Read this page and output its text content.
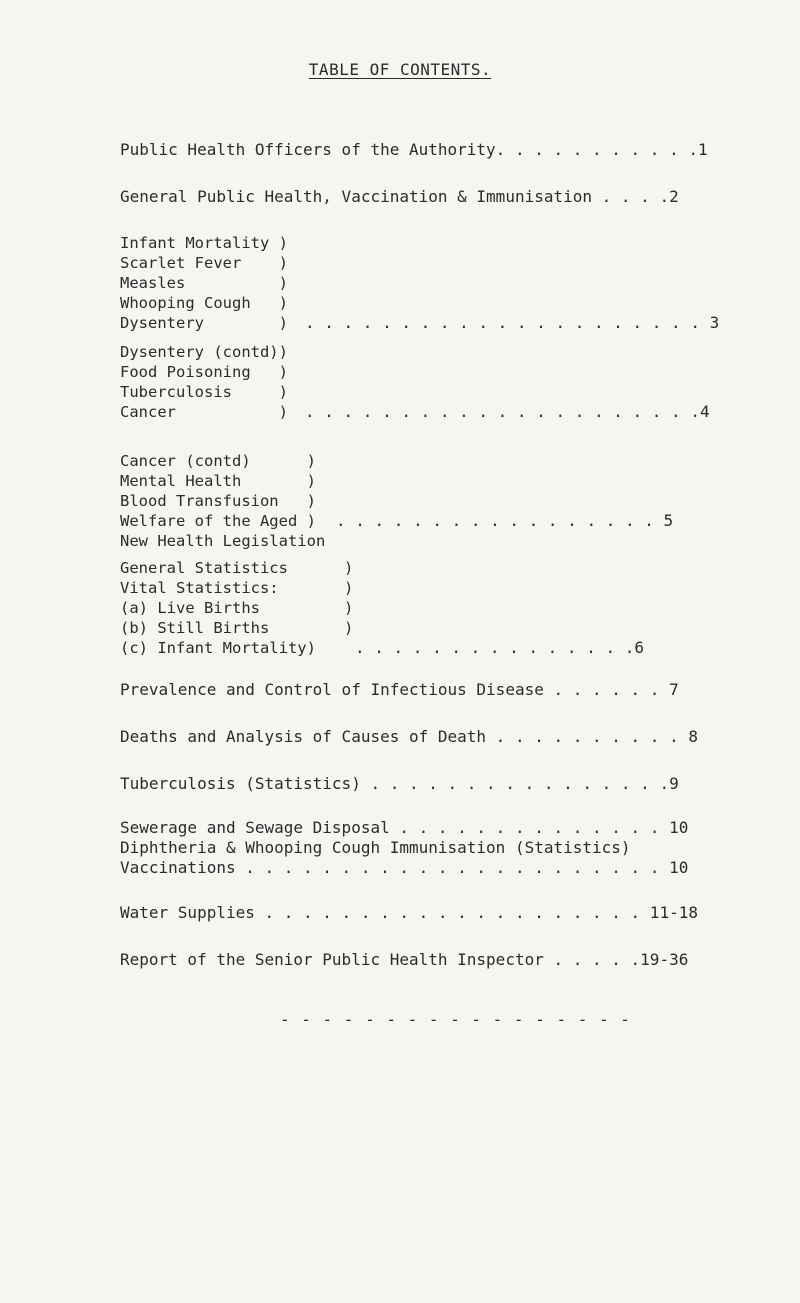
TABLE OF CONTENTS.
Public Health Officers of the Authority. . . . . . . . . . .1
General Public Health, Vaccination & Immunisation . . . .2
Infant Mortality )
Scarlet Fever    )
Measles          )
Whooping Cough   )
Dysentery        ) . . . . . . . . . . . . . . . . . . . . . 3
Dysentery (contd))
Food Poisoning   )
Tuberculosis     )
Cancer           ) . . . . . . . . . . . . . . . . . . . . .4
Cancer (contd)      )
Mental Health       )
Blood Transfusion   )
Welfare of the Aged )
New Health Legislation
. . . . . . . . . . . . . . . . . 5
General Statistics      )
Vital Statistics:       )
(a) Live Births         )
(b) Still Births        )
(c) Infant Mortality)	. . . . . . . . . . . . . . .6
Prevalence and Control of Infectious Disease . . . . . . 7
Deaths and Analysis of Causes of Death . . . . . . . . . . 8
Tuberculosis (Statistics) . . . . . . . . . . . . . . . .9
Sewerage and Sewage Disposal . . . . . . . . . . . . . . 10
Diphtheria & Whooping Cough Immunisation (Statistics)
Vaccinations . . . . . . . . . . . . . . . . . . . . . . 10
Water Supplies . . . . . . . . . . . . . . . . . . . . 11-18
Report of the Senior Public Health Inspector . . . . .19-36
- - - - - - - - - - - - - - - - -
